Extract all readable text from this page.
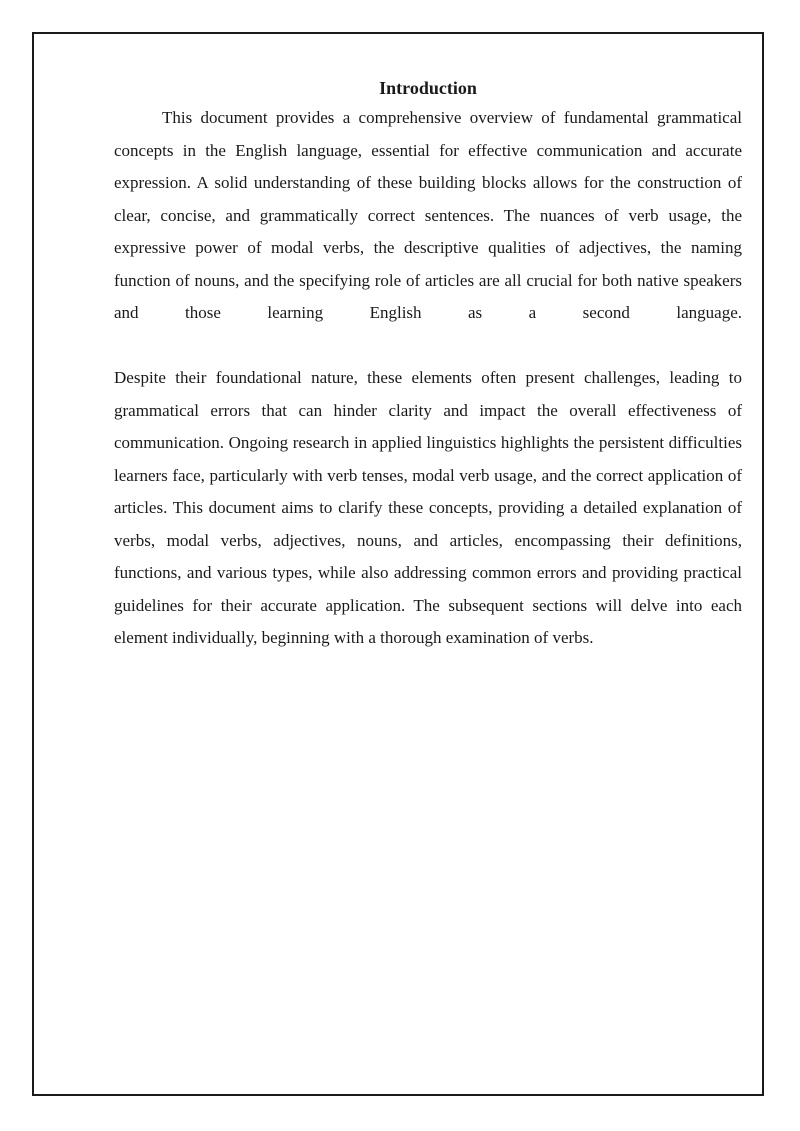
Introduction

This document provides a comprehensive overview of fundamental grammatical concepts in the English language, essential for effective communication and accurate expression. A solid understanding of these building blocks allows for the construction of clear, concise, and grammatically correct sentences. The nuances of verb usage, the expressive power of modal verbs, the descriptive qualities of adjectives, the naming function of nouns, and the specifying role of articles are all crucial for both native speakers and those learning English as a second language.

Despite their foundational nature, these elements often present challenges, leading to grammatical errors that can hinder clarity and impact the overall effectiveness of communication. Ongoing research in applied linguistics highlights the persistent difficulties learners face, particularly with verb tenses, modal verb usage, and the correct application of articles. This document aims to clarify these concepts, providing a detailed explanation of verbs, modal verbs, adjectives, nouns, and articles, encompassing their definitions, functions, and various types, while also addressing common errors and providing practical guidelines for their accurate application. The subsequent sections will delve into each element individually, beginning with a thorough examination of verbs.
